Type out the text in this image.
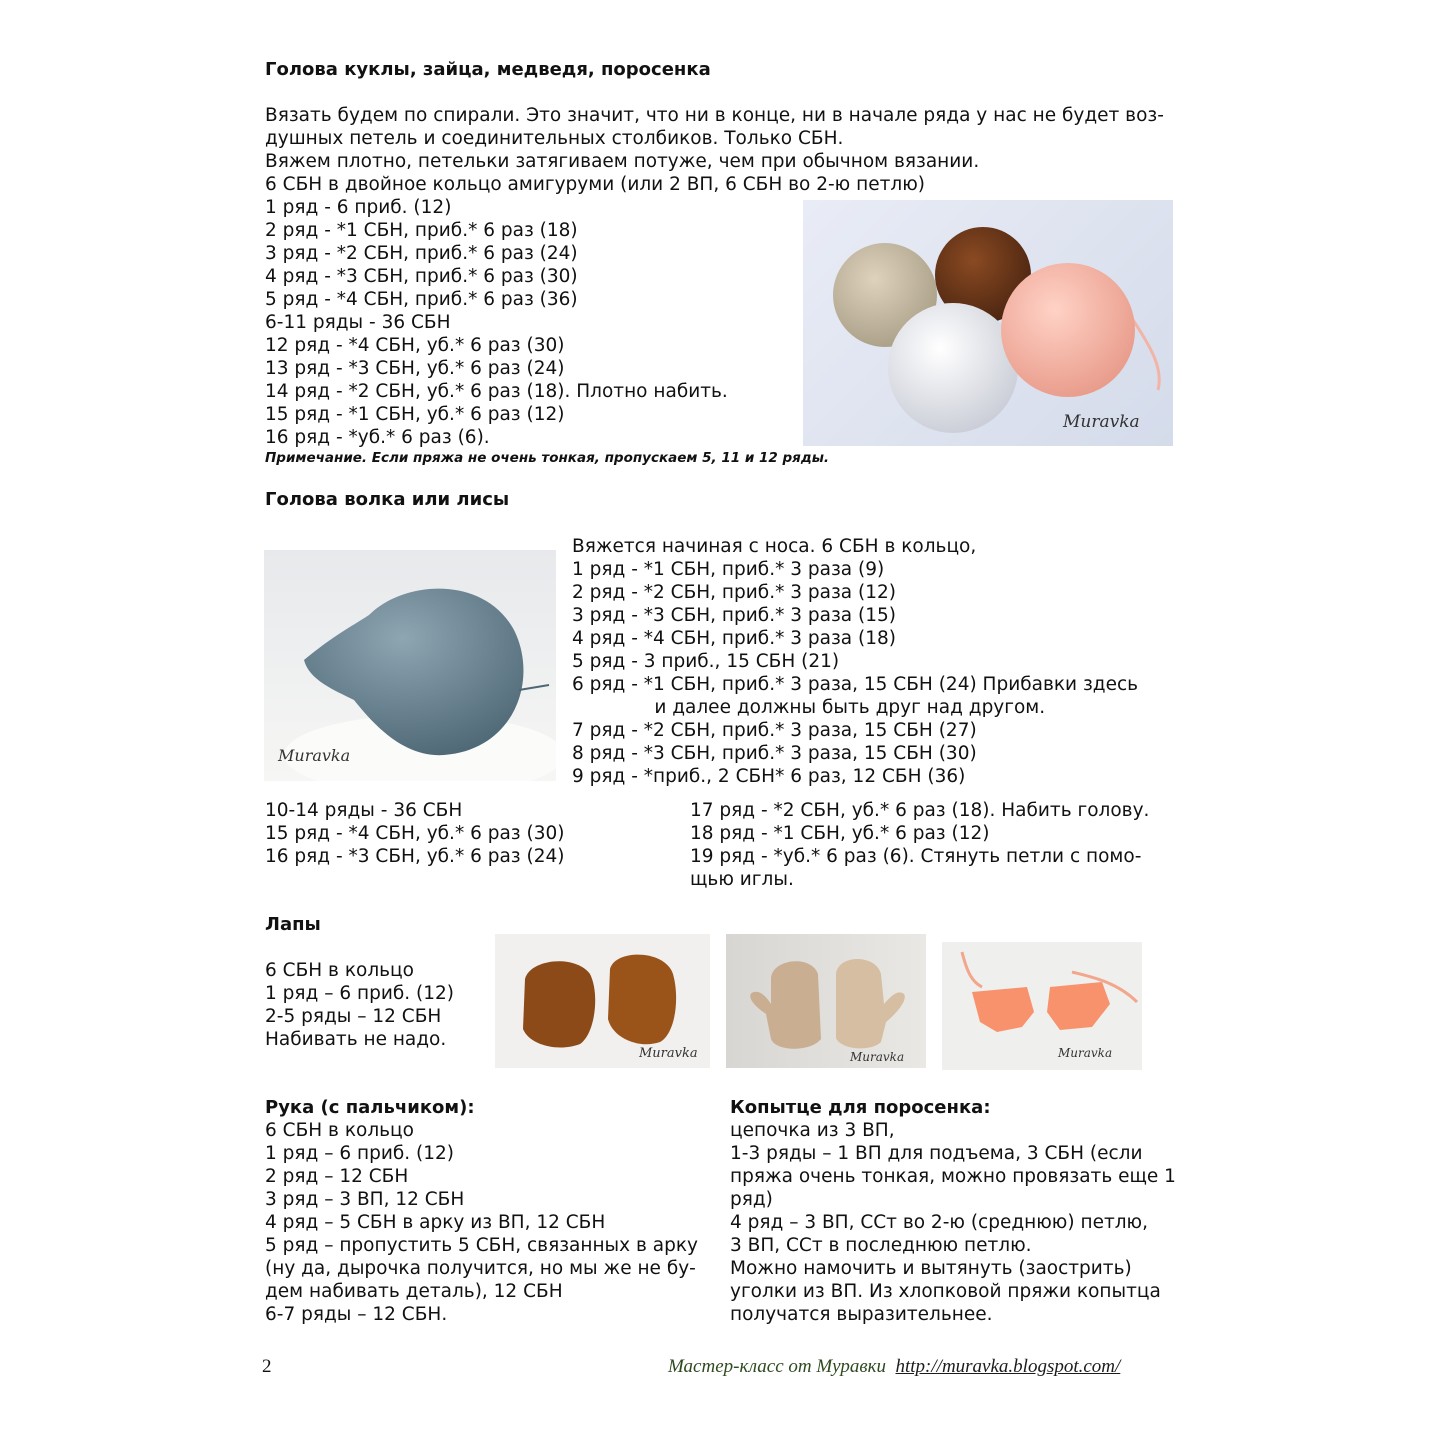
Голова куклы, зайца, медведя, поросенка
Вязать будем по спирали. Это значит, что ни в конце, ни в начале ряда у нас не будет воз-
душных петель и соединительных столбиков. Только СБН.
Вяжем плотно, петельки затягиваем потуже, чем при обычном вязании.
6 СБН в двойное кольцо амигуруми (или 2 ВП, 6 СБН во 2-ю петлю)
1 ряд - 6 приб. (12)
2 ряд - *1 СБН, приб.* 6 раз (18)
3 ряд - *2 СБН, приб.* 6 раз (24)
4 ряд - *3 СБН, приб.* 6 раз (30)
5 ряд - *4 СБН, приб.* 6 раз (36)
6-11 ряды - 36 СБН
12 ряд - *4 СБН, уб.* 6 раз (30)
13 ряд - *3 СБН, уб.* 6 раз (24)
14 ряд - *2 СБН, уб.* 6 раз (18). Плотно набить.
15 ряд - *1 СБН, уб.* 6 раз (12)
16 ряд - *уб.* 6 раз (6).
Примечание. Если пряжа не очень тонкая, пропускаем 5, 11 и 12 ряды.
Muravka
Голова волка или лисы
Muravka
Вяжется начиная с носа. 6 СБН в кольцо,
1 ряд - *1 СБН, приб.* 3 раза (9)
2 ряд - *2 СБН, приб.* 3 раза (12)
3 ряд - *3 СБН, приб.* 3 раза (15)
4 ряд - *4 СБН, приб.* 3 раза (18)
5 ряд - 3 приб., 15 СБН (21)
6 ряд - *1 СБН, приб.* 3 раза, 15 СБН (24) Прибавки здесь
и далее должны быть друг над другом.
7 ряд - *2 СБН, приб.* 3 раза, 15 СБН (27)
8 ряд - *3 СБН, приб.* 3 раза, 15 СБН (30)
9 ряд - *приб., 2 СБН* 6 раз, 12 СБН (36)
10-14 ряды - 36 СБН
15 ряд - *4 СБН, уб.* 6 раз (30)
16 ряд - *3 СБН, уб.* 6 раз (24)
17 ряд - *2 СБН, уб.* 6 раз (18). Набить голову.
18 ряд - *1 СБН, уб.* 6 раз (12)
19 ряд - *уб.* 6 раз (6). Стянуть петли с помо-
щью иглы.
Лапы
6 СБН в кольцо
1 ряд – 6 приб. (12)
2-5 ряды – 12 СБН
Набивать не надо.
Muravka	Muravka	Muravka
Рука (с пальчиком):
6 СБН в кольцо
1 ряд – 6 приб. (12)
2 ряд – 12 СБН
3 ряд – 3 ВП, 12 СБН
4 ряд – 5 СБН в арку из ВП, 12 СБН
5 ряд – пропустить 5 СБН, связанных в арку
(ну да, дырочка получится, но мы же не бу-
дем набивать деталь), 12 СБН
6-7 ряды – 12 СБН.
Копытце для поросенка:
цепочка из 3 ВП,
1-3 ряды – 1 ВП для подъема, 3 СБН (если
пряжа очень тонкая, можно провязать еще 1
ряд)
4 ряд – 3 ВП, ССт во 2-ю (среднюю) петлю,
3 ВП, ССт в последнюю петлю.
Можно намочить и вытянуть (заострить)
уголки из ВП. Из хлопковой пряжи копытца
получатся выразительнее.
2	Мастер-класс от Муравки http://muravka.blogspot.com/
